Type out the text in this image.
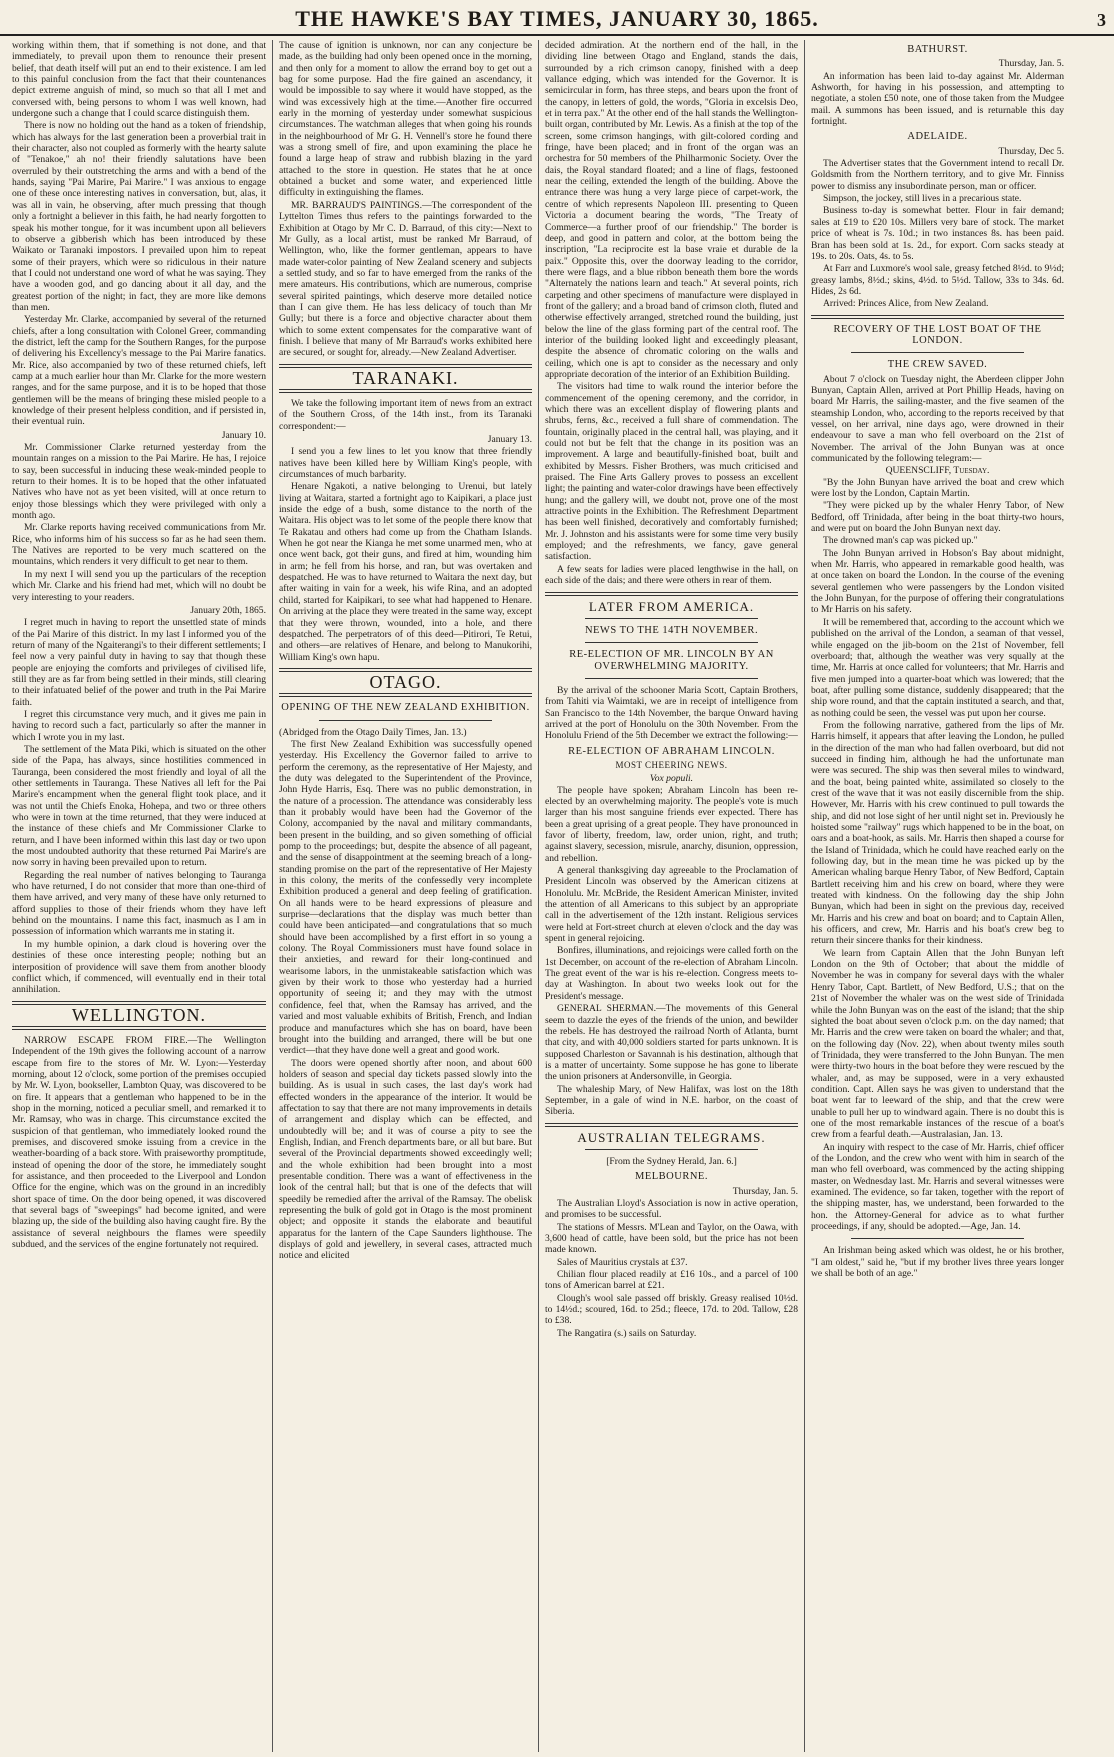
THE HAWKE'S BAY TIMES, JANUARY 30, 1865.	3

working within them, that if something is not done, and that immediately, to prevail upon them to renounce their present belief, that death itself will put an end to their existence. I am led to this painful conclusion from the fact that their countenances depict extreme anguish of mind, so much so that all I met and conversed with, being persons to whom I was well known, had undergone such a change that I could scarce distinguish them.

There is now no holding out the hand as a token of friendship, which has always for the last generation been a proverbial trait in their character, also not coupled as formerly with the hearty salute of "Tenakoe," ah no! their friendly salutations have been overruled by their outstretching the arms and with a bend of the hands, saying "Pai Marire, Pai Marire." I was anxious to engage one of these once interesting natives in conversation, but, alas, it was all in vain, he observing, after much pressing that though only a fortnight a believer in this faith, he had nearly forgotten to speak his mother tongue, for it was incumbent upon all believers to observe a gibberish which has been introduced by these Waikato or Taranaki impostors. I prevailed upon him to repeat some of their prayers, which were so ridiculous in their nature that I could not understand one word of what he was saying. They have a wooden god, and go dancing about it all day, and the greatest portion of the night; in fact, they are more like demons than men.

Yesterday Mr. Clarke, accompanied by several of the returned chiefs, after a long consultation with Colonel Greer, commanding the district, left the camp for the Southern Ranges, for the purpose of delivering his Excellency's message to the Pai Marire fanatics. Mr. Rice, also accompanied by two of these returned chiefs, left camp at a much earlier hour than Mr. Clarke for the more western ranges, and for the same purpose, and it is to be hoped that those gentlemen will be the means of bringing these misled people to a knowledge of their present helpless condition, and if persisted in, their eventual ruin.

January 10.

Mr. Commissioner Clarke returned yesterday from the mountain ranges on a mission to the Pai Marire. He has, I rejoice to say, been successful in inducing these weak-minded people to return to their homes. It is to be hoped that the other infatuated Natives who have not as yet been visited, will at once return to enjoy those blessings which they were privileged with only a month ago.

Mr. Clarke reports having received communications from Mr. Rice, who informs him of his success so far as he had seen them. The Natives are reported to be very much scattered on the mountains, which renders it very difficult to get near to them.

In my next I will send you up the particulars of the reception which Mr. Clarke and his friend had met, which will no doubt be very interesting to your readers.

January 20th, 1865.

I regret much in having to report the unsettled state of minds of the Pai Marire of this district. In my last I informed you of the return of many of the Ngaiterangi's to their different settlements; I feel now a very painful duty in having to say that though these people are enjoying the comforts and privileges of civilised life, still they are as far from being settled in their minds, still clearing to their infatuated belief of the power and truth in the Pai Marire faith.

I regret this circumstance very much, and it gives me pain in having to record such a fact, particularly so after the manner in which I wrote you in my last.

The settlement of the Mata Piki, which is situated on the other side of the Papa, has always, since hostilities commenced in Tauranga, been considered the most friendly and loyal of all the other settlements in Tauranga. These Natives all left for the Pai Marire's encampment when the general flight took place, and it was not until the Chiefs Enoka, Hohepa, and two or three others who were in town at the time returned, that they were induced at the instance of these chiefs and Mr Commissioner Clarke to return, and I have been informed within this last day or two upon the most undoubted authority that these returned Pai Marire's are now sorry in having been prevailed upon to return.

Regarding the real number of natives belonging to Tauranga who have returned, I do not consider that more than one-third of them have arrived, and very many of these have only returned to afford supplies to those of their friends whom they have left behind on the mountains. I name this fact, inasmuch as I am in possession of information which warrants me in stating it.

In my humble opinion, a dark cloud is hovering over the destinies of these once interesting people; nothing but an interposition of providence will save them from another bloody conflict which, if commenced, will eventually end in their total annihilation.

WELLINGTON.

NARROW ESCAPE FROM FIRE.—The Wellington Independent of the 19th gives the following account of a narrow escape from fire to the stores of Mr. W. Lyon:—Yesterday morning, about 12 o'clock, some portion of the premises occupied by Mr. W. Lyon, bookseller, Lambton Quay, was discovered to be on fire. It appears that a gentleman who happened to be in the shop in the morning, noticed a peculiar smell, and remarked it to Mr. Ramsay, who was in charge. This circumstance excited the suspicion of that gentleman, who immediately looked round the premises, and discovered smoke issuing from a crevice in the weather-boarding of a back store. With praiseworthy promptitude, instead of opening the door of the store, he immediately sought for assistance, and then proceeded to the Liverpool and London Office for the engine, which was on the ground in an incredibly short space of time. On the door being opened, it was discovered that several bags of "sweepings" had become ignited, and were blazing up, the side of the building also having caught fire. By the assistance of several neighbours the flames were speedily subdued, and the services of the engine fortunately not required.

The cause of ignition is unknown, nor can any conjecture be made, as the building had only been opened once in the morning, and then only for a moment to allow the errand boy to get out a bag for some purpose. Had the fire gained an ascendancy, it would be impossible to say where it would have stopped, as the wind was excessively high at the time.—Another fire occurred early in the morning of yesterday under somewhat suspicious circumstances. The watchman alleges that when going his rounds in the neighbourhood of Mr G. H. Vennell's store he found there was a strong smell of fire, and upon examining the place he found a large heap of straw and rubbish blazing in the yard attached to the store in question. He states that he at once obtained a bucket and some water, and experienced little difficulty in extinguishing the flames.

MR. BARRAUD'S PAINTINGS.—The correspondent of the Lyttelton Times thus refers to the paintings forwarded to the Exhibition at Otago by Mr C. D. Barraud, of this city:—Next to Mr Gully, as a local artist, must be ranked Mr Barraud, of Wellington, who, like the former gentleman, appears to have made water-color painting of New Zealand scenery and subjects a settled study, and so far to have emerged from the ranks of the mere amateurs. His contributions, which are numerous, comprise several spirited paintings, which deserve more detailed notice than I can give them. He has less delicacy of touch than Mr Gully; but there is a force and objective character about them which to some extent compensates for the comparative want of finish. I believe that many of Mr Barraud's works exhibited here are secured, or sought for, already.—New Zealand Advertiser.

TARANAKI.

We take the following important item of news from an extract of the Southern Cross, of the 14th inst., from its Taranaki correspondent:—

January 13.

I send you a few lines to let you know that three friendly natives have been killed here by William King's people, with circumstances of much barbarity.

Henare Ngakoti, a native belonging to Urenui, but lately living at Waitara, started a fortnight ago to Kaipikari, a place just inside the edge of a bush, some distance to the north of the Waitara. His object was to let some of the people there know that Te Rakatau and others had come up from the Chatham Islands. When he got near the Kianga he met some unarmed men, who at once went back, got their guns, and fired at him, wounding him in arm; he fell from his horse, and ran, but was overtaken and despatched. He was to have returned to Waitara the next day, but after waiting in vain for a week, his wife Rina, and an adopted child, started for Kaipikari, to see what had happened to Henare. On arriving at the place they were treated in the same way, except that they were thrown, wounded, into a hole, and there despatched. The perpetrators of of this deed—Pitirori, Te Retui, and others—are relatives of Henare, and belong to Manukorihi, William King's own hapu.

OTAGO.
OPENING OF THE NEW ZEALAND EXHIBITION.

(Abridged from the Otago Daily Times, Jan. 13.)

The first New Zealand Exhibition was successfully opened yesterday. His Excellency the Governor failed to arrive to perform the ceremony, as the representative of Her Majesty, and the duty was delegated to the Superintendent of the Province, John Hyde Harris, Esq. There was no public demonstration, in the nature of a procession. The attendance was considerably less than it probably would have been had the Governor of the Colony, accompanied by the naval and military commandants, been present in the building, and so given something of official pomp to the proceedings; but, despite the absence of all pageant, and the sense of disappointment at the seeming breach of a long-standing promise on the part of the representative of Her Majesty in this colony, the merits of the confessedly very incomplete Exhibition produced a general and deep feeling of gratification. On all hands were to be heard expressions of pleasure and surprise—declarations that the display was much better than could have been anticipated—and congratulations that so much should have been accomplished by a first effort in so young a colony. The Royal Commissioners must have found solace in their anxieties, and reward for their long-continued and wearisome labors, in the unmistakeable satisfaction which was given by their work to those who yesterday had a hurried opportunity of seeing it; and they may with the utmost confidence, feel that, when the Ramsay has arrived, and the varied and most valuable exhibits of British, French, and Indian produce and manufactures which she has on board, have been brought into the building and arranged, there will be but one verdict—that they have done well a great and good work.

The doors were opened shortly after noon, and about 600 holders of season and special day tickets passed slowly into the building. As is usual in such cases, the last day's work had effected wonders in the appearance of the interior. It would be affectation to say that there are not many improvements in details of arrangement and display which can be effected, and undoubtedly will be; and it was of course a pity to see the English, Indian, and French departments bare, or all but bare. But several of the Provincial departments showed exceedingly well; and the whole exhibition had been brought into a most presentable condition. There was a want of effectiveness in the look of the central hall; but that is one of the defects that will speedily be remedied after the arrival of the Ramsay. The obelisk representing the bulk of gold got in Otago is the most prominent object; and opposite it stands the elaborate and beautiful apparatus for the lantern of the Cape Saunders lighthouse. The displays of gold and jewellery, in several cases, attracted much notice and elicited

decided admiration. At the northern end of the hall, in the dividing line between Otago and England, stands the dais, surrounded by a rich crimson canopy, finished with a deep vallance edging, which was intended for the Governor. It is semicircular in form, has three steps, and bears upon the front of the canopy, in letters of gold, the words, "Gloria in excelsis Deo, et in terra pax." At the other end of the hall stands the Wellington-built organ, contributed by Mr. Lewis. As a finish at the top of the screen, some crimson hangings, with gilt-colored cording and fringe, have been placed; and in front of the organ was an orchestra for 50 members of the Philharmonic Society. Over the dais, the Royal standard floated; and a line of flags, festooned near the ceiling, extended the length of the building. Above the entrance there was hung a very large piece of carpet-work, the centre of which represents Napoleon III. presenting to Queen Victoria a document bearing the words, "The Treaty of Commerce—a further proof of our friendship." The border is deep, and good in pattern and color, at the bottom being the inscription, "La reciprocite est la base vraie et durable de la paix." Opposite this, over the doorway leading to the corridor, there were flags, and a blue ribbon beneath them bore the words "Alternately the nations learn and teach." At several points, rich carpeting and other specimens of manufacture were displayed in front of the gallery; and a broad band of crimson cloth, fluted and otherwise effectively arranged, stretched round the building, just below the line of the glass forming part of the central roof. The interior of the building looked light and exceedingly pleasant, despite the absence of chromatic coloring on the walls and ceiling, which one is apt to consider as the necessary and only appropriate decoration of the interior of an Exhibition Building.

The visitors had time to walk round the interior before the commencement of the opening ceremony, and the corridor, in which there was an excellent display of flowering plants and shrubs, ferns, &c., received a full share of commendation. The fountain, originally placed in the central hall, was playing, and it could not but be felt that the change in its position was an improvement. A large and beautifully-finished boat, built and exhibited by Messrs. Fisher Brothers, was much criticised and praised. The Fine Arts Gallery proves to possess an excellent light; the painting and water-color drawings have been effectively hung; and the gallery will, we doubt not, prove one of the most attractive points in the Exhibition. The Refreshment Department has been well finished, decoratively and comfortably furnished; Mr. J. Johnston and his assistants were for some time very busily employed; and the refreshments, we fancy, gave general satisfaction.

A few seats for ladies were placed lengthwise in the hall, on each side of the dais; and there were others in rear of them.

LATER FROM AMERICA.
NEWS TO THE 14TH NOVEMBER.
RE-ELECTION OF MR. LINCOLN BY AN OVERWHELMING MAJORITY.

By the arrival of the schooner Maria Scott, Captain Brothers, from Tahiti via Waimtaki, we are in receipt of intelligence from San Francisco to the 14th November, the barque Onward having arrived at the port of Honolulu on the 30th November. From the Honolulu Friend of the 5th December we extract the following:—

RE-ELECTION OF ABRAHAM LINCOLN.
MOST CHEERING NEWS.
Vox populi.

The people have spoken; Abraham Lincoln has been re-elected by an overwhelming majority. The people's vote is much larger than his most sanguine friends ever expected. There has been a great uprising of a great people. They have pronounced in favor of liberty, freedom, law, order union, right, and truth; against slavery, secession, misrule, anarchy, disunion, oppression, and rebellion.

A general thanksgiving day agreeable to the Proclamation of President Lincoln was observed by the American citizens at Honolulu. Mr. McBride, the Resident American Minister, invited the attention of all Americans to this subject by an appropriate call in the advertisement of the 12th instant. Religious services were held at Fort-street church at eleven o'clock and the day was spent in general rejoicing.

Bonfires, illuminations, and rejoicings were called forth on the 1st December, on account of the re-election of Abraham Lincoln. The great event of the war is his re-election. Congress meets to-day at Washington. In about two weeks look out for the President's message.

GENERAL SHERMAN.—The movements of this General seem to dazzle the eyes of the friends of the union, and bewilder the rebels. He has destroyed the railroad North of Atlanta, burnt that city, and with 40,000 soldiers started for parts unknown. It is supposed Charleston or Savannah is his destination, although that is a matter of uncertainty. Some suppose he has gone to liberate the union prisoners at Andersonville, in Georgia.

The whaleship Mary, of New Halifax, was lost on the 18th September, in a gale of wind in N.E. harbor, on the coast of Siberia.

AUSTRALIAN TELEGRAMS.
[From the Sydney Herald, Jan. 6.]
MELBOURNE.
Thursday, Jan. 5.

The Australian Lloyd's Association is now in active operation, and promises to be successful.

The stations of Messrs. M'Lean and Taylor, on the Oawa, with 3,600 head of cattle, have been sold, but the price has not been made known.

Sales of Mauritius crystals at £37.

Chilian flour placed readily at £16 10s., and a parcel of 100 tons of American barrel at £21.

Clough's wool sale passed off briskly. Greasy realised 10½d. to 14½d.; scoured, 16d. to 25d.; fleece, 17d. to 20d. Tallow, £28 to £38.

The Rangatira (s.) sails on Saturday.

BATHURST.
Thursday, Jan. 5.

An information has been laid to-day against Mr. Alderman Ashworth, for having in his possession, and attempting to negotiate, a stolen £50 note, one of those taken from the Mudgee mail. A summons has been issued, and is returnable this day fortnight.

ADELAIDE.
Thursday, Dec 5.

The Advertiser states that the Government intend to recall Dr. Goldsmith from the Northern territory, and to give Mr. Finniss power to dismiss any insubordinate person, man or officer.

Simpson, the jockey, still lives in a precarious state.

Business to-day is somewhat better. Flour in fair demand; sales at £19 to £20 10s. Millers very bare of stock. The market price of wheat is 7s. 10d.; in two instances 8s. has been paid. Bran has been sold at 1s. 2d., for export. Corn sacks steady at 19s. to 20s. Oats, 4s. to 5s.

At Farr and Luxmore's wool sale, greasy fetched 8½d. to 9½d; greasy lambs, 8½d.; skins, 4½d. to 5½d. Tallow, 33s to 34s. 6d. Hides, 2s 6d.

Arrived: Princes Alice, from New Zealand.

RECOVERY OF THE LOST BOAT OF THE LONDON.
THE CREW SAVED.

About 7 o'clock on Tuesday night, the Aberdeen clipper John Bunyan, Captain Allen, arrived at Port Phillip Heads, having on board Mr Harris, the sailing-master, and the five seamen of the steamship London, who, according to the reports received by that vessel, on her arrival, nine days ago, were drowned in their endeavour to save a man who fell overboard on the 21st of November. The arrival of the John Bunyan was at once communicated by the following telegram:—

QUEENSCLIFF, Tuesday.

"By the John Bunyan have arrived the boat and crew which were lost by the London, Captain Martin.

"They were picked up by the whaler Henry Tabor, of New Bedford, off Trinidada, after being in the boat thirty-two hours, and were put on board the John Bunyan next day.

The drowned man's cap was picked up."

The John Bunyan arrived in Hobson's Bay about midnight, when Mr. Harris, who appeared in remarkable good health, was at once taken on board the London. In the course of the evening several gentlemen who were passengers by the London visited the John Bunyan, for the purpose of offering their congratulations to Mr Harris on his safety.

It will be remembered that, according to the account which we published on the arrival of the London, a seaman of that vessel, while engaged on the jib-boom on the 21st of November, fell overboard; that, although the weather was very squally at the time, Mr. Harris at once called for volunteers; that Mr. Harris and five men jumped into a quarter-boat which was lowered; that the boat, after pulling some distance, suddenly disappeared; that the ship wore round, and that the captain instituted a search, and that, as nothing could be seen, the vessel was put upon her course.

From the following narrative, gathered from the lips of Mr. Harris himself, it appears that after leaving the London, he pulled in the direction of the man who had fallen overboard, but did not succeed in finding him, although he had the unfortunate man were was secured. The ship was then several miles to windward, and the boat, being painted white, assimilated so closely to the crest of the wave that it was not easily discernible from the ship. However, Mr. Harris with his crew continued to pull towards the ship, and did not lose sight of her until night set in. Previously he hoisted some "railway" rugs which happened to be in the boat, on oars and a boat-hook, as sails. Mr. Harris then shaped a course for the Island of Trinidada, which he could have reached early on the following day, but in the mean time he was picked up by the American whaling barque Henry Tabor, of New Bedford, Captain Bartlett receiving him and his crew on board, where they were treated with kindness. On the following day the ship John Bunyan, which had been in sight on the previous day, received Mr. Harris and his crew and boat on board; and to Captain Allen, his officers, and crew, Mr. Harris and his boat's crew beg to return their sincere thanks for their kindness.

We learn from Captain Allen that the John Bunyan left London on the 9th of October; that about the middle of November he was in company for several days with the whaler Henry Tabor, Capt. Bartlett, of New Bedford, U.S.; that on the 21st of November the whaler was on the west side of Trinidada while the John Bunyan was on the east of the island; that the ship sighted the boat about seven o'clock p.m. on the day named; that Mr. Harris and the crew were taken on board the whaler; and that, on the following day (Nov. 22), when about twenty miles south of Trinidada, they were transferred to the John Bunyan. The men were thirty-two hours in the boat before they were rescued by the whaler, and, as may be supposed, were in a very exhausted condition. Capt. Allen says he was given to understand that the boat went far to leeward of the ship, and that the crew were unable to pull her up to windward again. There is no doubt this is one of the most remarkable instances of the rescue of a boat's crew from a fearful death.—Australasian, Jan. 13.

An inquiry with respect to the case of Mr. Harris, chief officer of the London, and the crew who went with him in search of the man who fell overboard, was commenced by the acting shipping master, on Wednesday last. Mr. Harris and several witnesses were examined. The evidence, so far taken, together with the report of the shipping master, has, we understand, been forwarded to the hon. the Attorney-General for advice as to what further proceedings, if any, should be adopted.—Age, Jan. 14.

An Irishman being asked which was oldest, he or his brother, "I am oldest," said he, "but if my brother lives three years longer we shall be both of an age."
